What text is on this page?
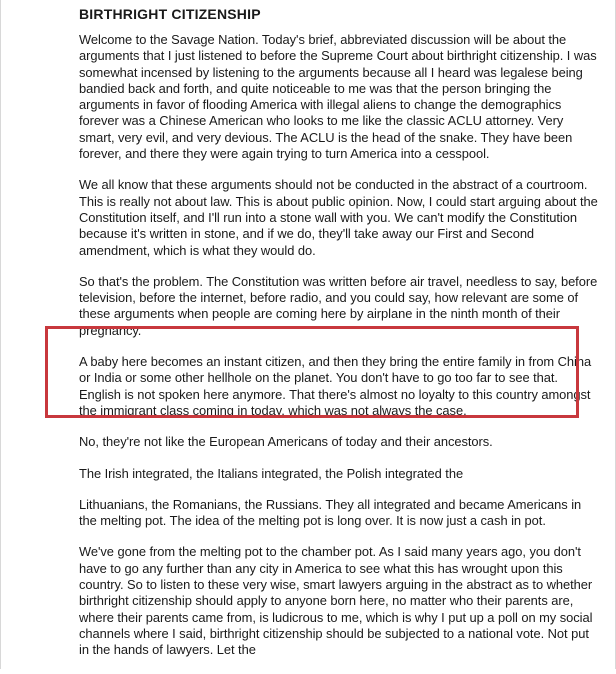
BIRTHRIGHT CITIZENSHIP

Welcome to the Savage Nation. Today's brief, abbreviated discussion will be about the arguments that I just listened to before the Supreme Court about birthright citizenship. I was somewhat incensed by listening to the arguments because all I heard was legalese being bandied back and forth, and quite noticeable to me was that the person bringing the arguments in favor of flooding America with illegal aliens to change the demographics forever was a Chinese American who looks to me like the classic ACLU attorney. Very smart, very evil, and very devious. The ACLU is the head of the snake. They have been forever, and there they were again trying to turn America into a cesspool.

We all know that these arguments should not be conducted in the abstract of a courtroom. This is really not about law. This is about public opinion. Now, I could start arguing about the Constitution itself, and I'll run into a stone wall with you. We can't modify the Constitution because it's written in stone, and if we do, they'll take away our First and Second amendment, which is what they would do.

So that's the problem. The Constitution was written before air travel, needless to say, before television, before the internet, before radio, and you could say, how relevant are some of these arguments when people are coming here by airplane in the ninth month of their pregnancy.

A baby here becomes an instant citizen, and then they bring the entire family in from China or India or some other hellhole on the planet. You don't have to go too far to see that. English is not spoken here anymore. That there's almost no loyalty to this country amongst the immigrant class coming in today, which was not always the case.

No, they're not like the European Americans of today and their ancestors.

The Irish integrated, the Italians integrated, the Polish integrated the

Lithuanians, the Romanians, the Russians. They all integrated and became Americans in the melting pot. The idea of the melting pot is long over. It is now just a cash in pot.

We've gone from the melting pot to the chamber pot. As I said many years ago, you don't have to go any further than any city in America to see what this has wrought upon this country. So to listen to these very wise, smart lawyers arguing in the abstract as to whether birthright citizenship should apply to anyone born here, no matter who their parents are, where their parents came from, is ludicrous to me, which is why I put up a poll on my social channels where I said, birthright citizenship should be subjected to a national vote. Not put in the hands of lawyers. Let the
